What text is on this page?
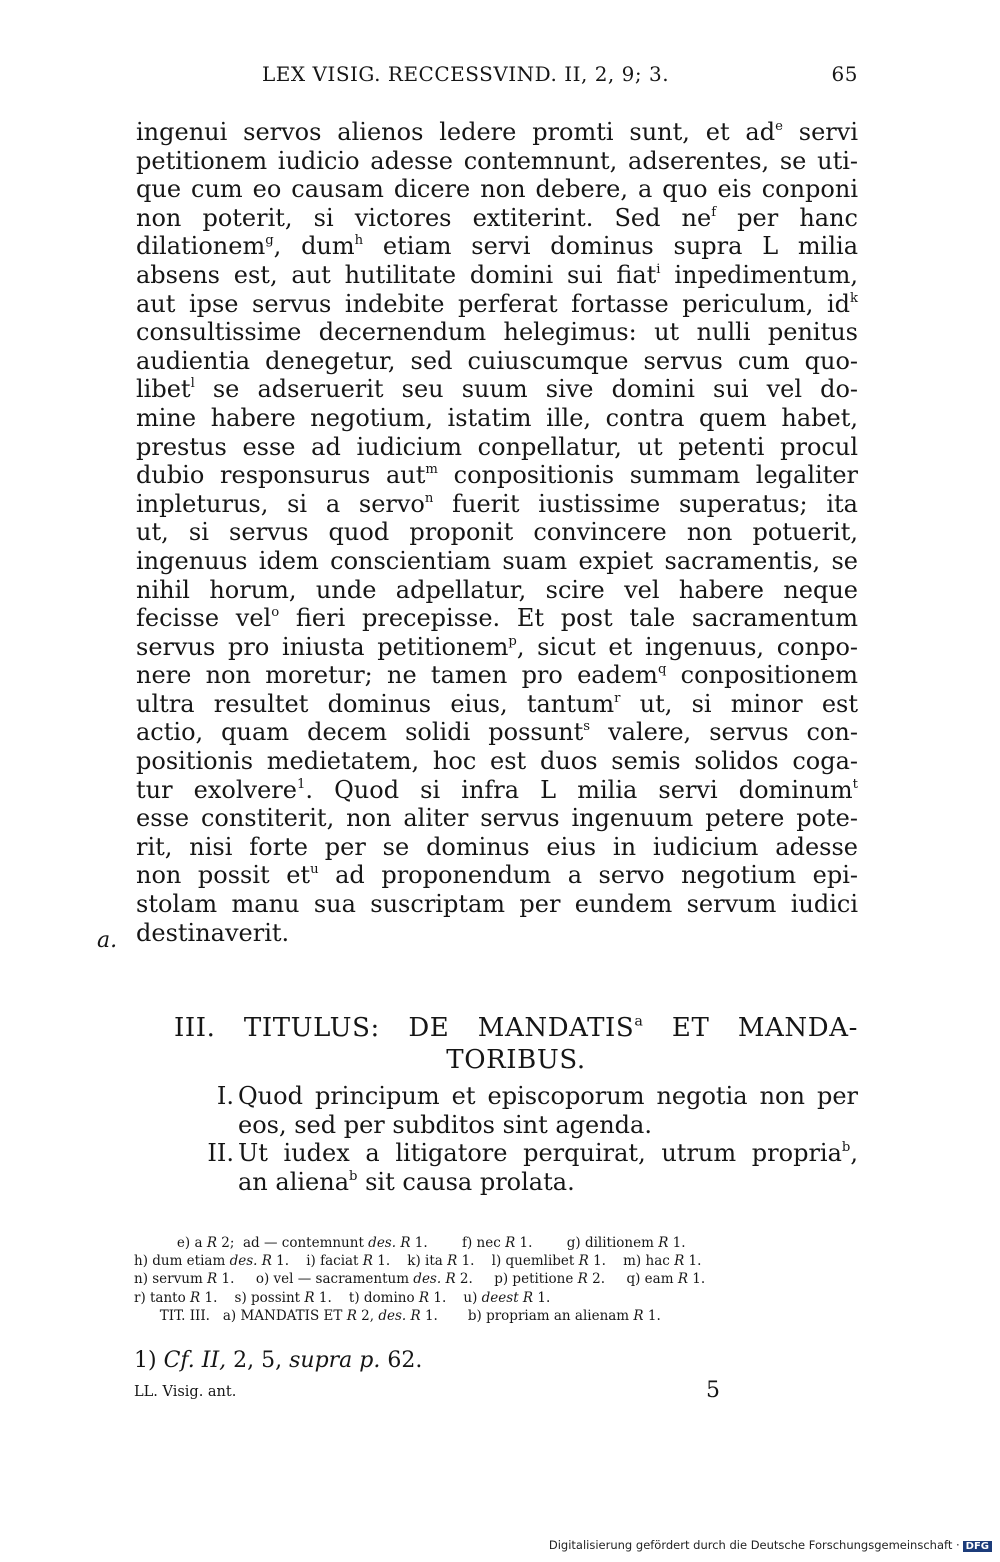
LEX VISIG. RECCESSVIND. II, 2, 9; 3.	65
ingenui servos alienos ledere promti sunt, et $ad^e$ servi
petitionem iudicio adesse contemnunt, adserentes, se uti-
que cum eo causam dicere non debere, a quo eis conponi
non poterit, si victores extiterint. Sed $ne^f$ per hanc
dilationem$^g$, dum$^h$ etiam servi dominus supra L milia
absens est, aut hutilitate domini sui fiat$^i$ inpedimentum,
aut ipse servus indebite perferat fortasse periculum, $id^k$
consultissime decernendum helegimus: ut nulli penitus
audientia denegetur, sed cuiuscumque servus cum quo-
libet$^l$ se adseruerit seu suum sive domini sui vel do-
mine habere negotium, istatim ille, contra quem habet,
prestus esse ad iudicium conpellatur, ut petenti procul
dubio responsurus aut$^m$ conpositionis summam legaliter
inpleturus, si a servo$^n$ fuerit iustissime superatus; ita
ut, si servus quod proponit convincere non potuerit,
ingenuus idem conscientiam suam expiet sacramentis, se
nihil horum, unde adpellatur, scire vel habere neque
fecisse vel$^o$ fieri precepisse. Et post tale sacramentum
servus pro iniusta petitionem$^p$, sicut et ingenuus, conpo-
nere non moretur; ne tamen pro eadem$^q$ conpositionem
ultra resultet dominus eius, tantum$^r$ ut, si minor est
actio, quam decem solidi possunt$^s$ valere, servus con-
positionis medietatem, hoc est duos semis solidos coga-
tur exolvere$^1$. Quod si infra L milia servi dominum$^t$
esse constiterit, non aliter servus ingenuum petere pote-
rit, nisi forte per se dominus eius in iudicium adesse
non possit $et^u$ ad proponendum a servo negotium epi-
stolam manu sua suscriptam per eundem servum iudici
destinaverit.
a.
III. TITULUS: DE MANDATIS$^a$ ET MANDA-
TORIBUS.
I. Quod principum et episcoporum negotia non per
eos, sed per subditos sint agenda.
II. Ut iudex a litigatore perquirat, utrum propria$^b$,
an aliena$^b$ sit causa prolata.
e) a R 2;  ad — contemnunt des. R 1.        f) nec R 1.        g) dilitionem R 1.
h) dum etiam des. R 1.    i) faciat R 1.    k) ita R 1.    l) quemlibet R 1.    m) hac R 1.
n) servum R 1.     o) vel — sacramentum des. R 2.     p) petitione R 2.     q) eam R 1.
r) tanto R 1.    s) possint R 1.    t) domino R 1.    u) deest R 1.
TIT. III.   a) MANDATIS ET R 2, des. R 1.       b) propriam an alienam R 1.
1) Cf. II, 2, 5, supra p. 62.
LL. Visig. ant.	5
Digitalisierung gefördert durch die Deutsche Forschungsgemeinschaft · DFG
